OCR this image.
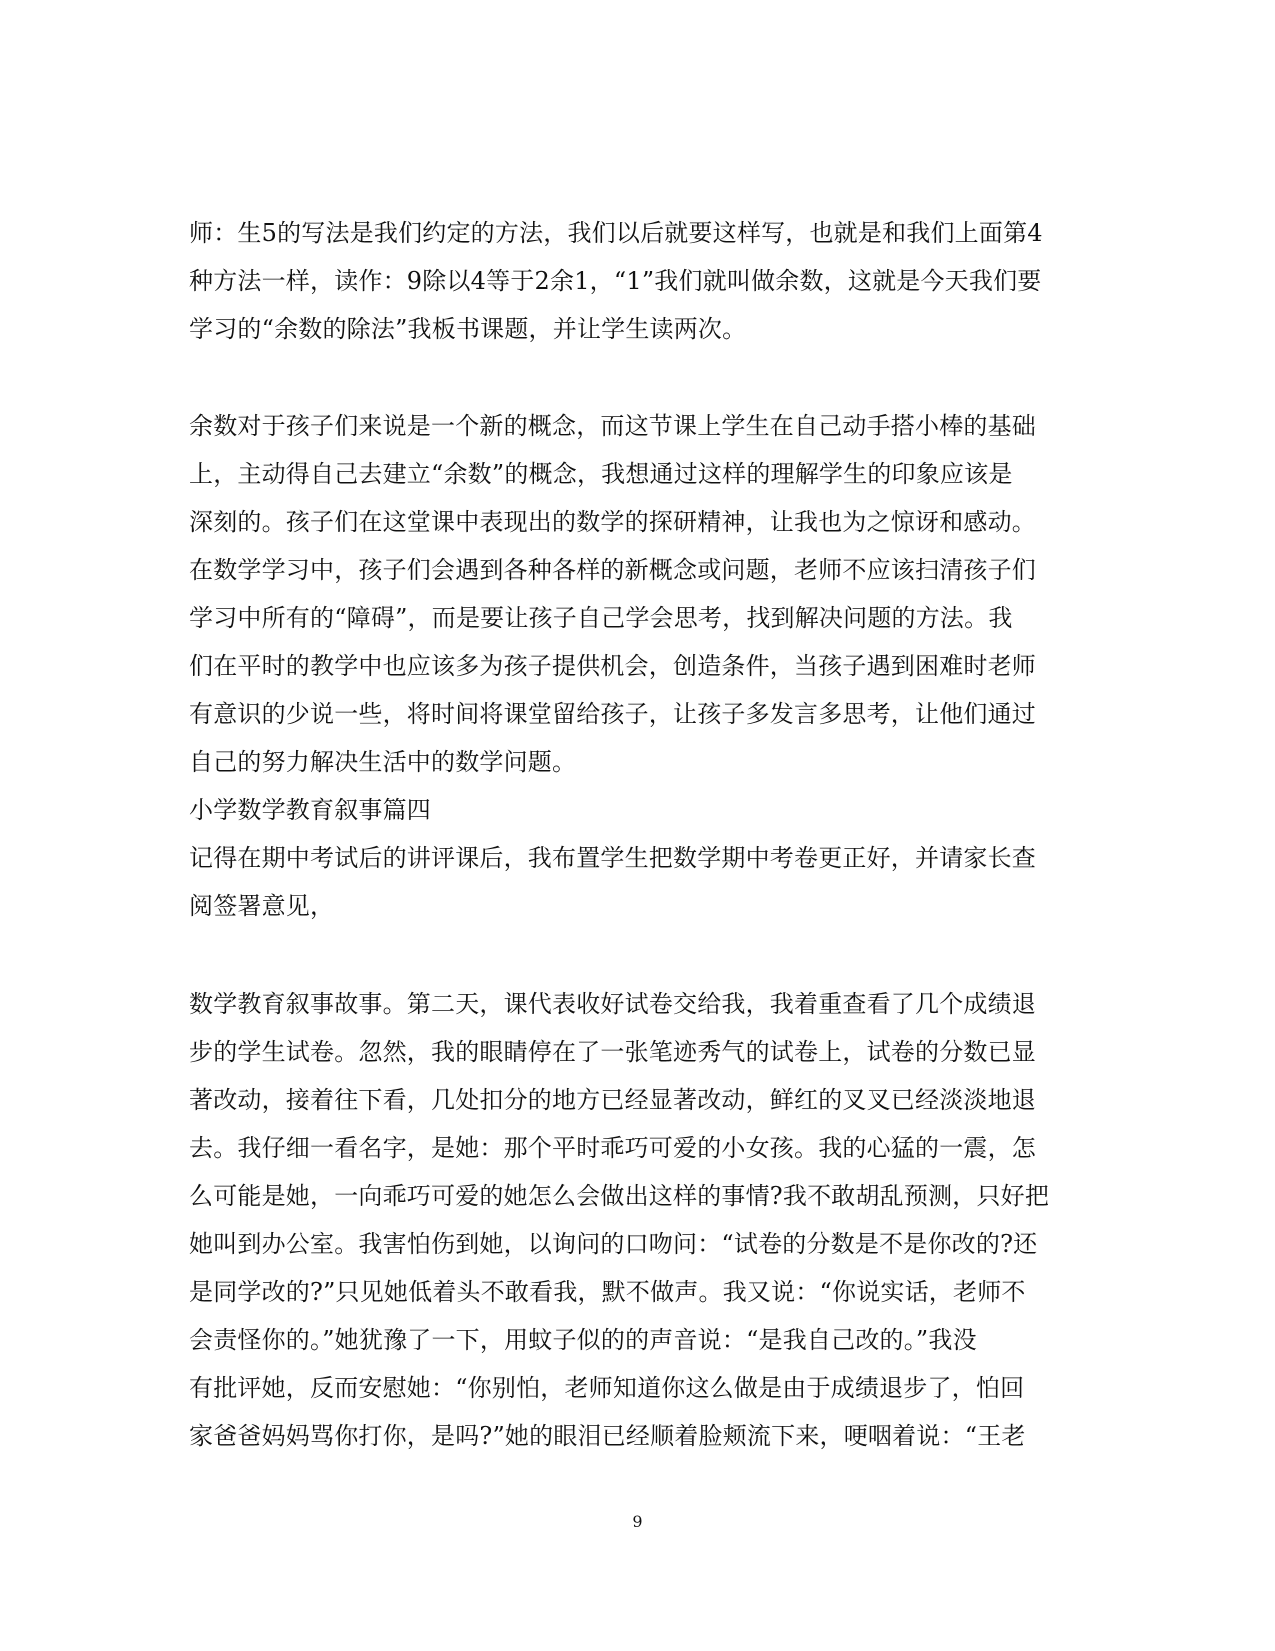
师：生5的写法是我们约定的方法，我们以后就要这样写，也就是和我们上面第4
种方法一样，读作：9除以4等于2余1，“1”我们就叫做余数，这就是今天我们要
学习的“余数的除法”我板书课题，并让学生读两次。
余数对于孩子们来说是一个新的概念，而这节课上学生在自己动手搭小棒的基础
上，主动得自己去建立“余数”的概念，我想通过这样的理解学生的印象应该是
深刻的。孩子们在这堂课中表现出的数学的探研精神，让我也为之惊讶和感动。
在数学学习中，孩子们会遇到各种各样的新概念或问题，老师不应该扫清孩子们
学习中所有的“障碍”，而是要让孩子自己学会思考，找到解决问题的方法。我
们在平时的教学中也应该多为孩子提供机会，创造条件，当孩子遇到困难时老师
有意识的少说一些，将时间将课堂留给孩子，让孩子多发言多思考，让他们通过
自己的努力解决生活中的数学问题。
小学数学教育叙事篇四
记得在期中考试后的讲评课后，我布置学生把数学期中考卷更正好，并请家长查
阅签署意见，
数学教育叙事故事。第二天，课代表收好试卷交给我，我着重查看了几个成绩退
步的学生试卷。忽然，我的眼睛停在了一张笔迹秀气的试卷上，试卷的分数已显
著改动，接着往下看，几处扣分的地方已经显著改动，鲜红的叉叉已经淡淡地退
去。我仔细一看名字，是她：那个平时乖巧可爱的小女孩。我的心猛的一震，怎
么可能是她，一向乖巧可爱的她怎么会做出这样的事情?我不敢胡乱预测，只好把
她叫到办公室。我害怕伤到她，以询问的口吻问：“试卷的分数是不是你改的?还
是同学改的?”只见她低着头不敢看我，默不做声。我又说：“你说实话，老师不
会责怪你的。”她犹豫了一下，用蚊子似的的声音说：“是我自己改的。”我没
有批评她，反而安慰她：“你别怕，老师知道你这么做是由于成绩退步了，怕回
家爸爸妈妈骂你打你，是吗?”她的眼泪已经顺着脸颊流下来，哽咽着说：“王老
9
